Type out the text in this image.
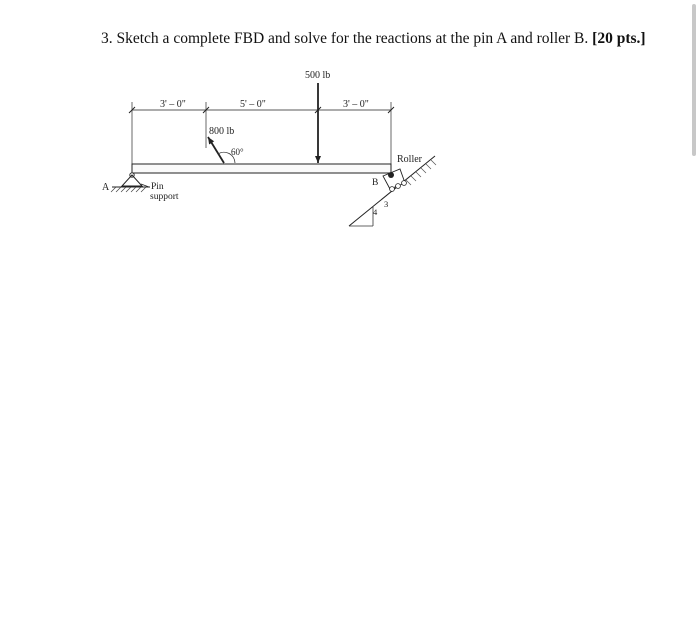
3. Sketch a complete FBD and solve for the reactions at the pin A and roller B. [20 pts.]
3' – 0"	5' – 0"	3' – 0"
500 lb
800 lb
60°
A	Pin
support
B
Roller
3
4
